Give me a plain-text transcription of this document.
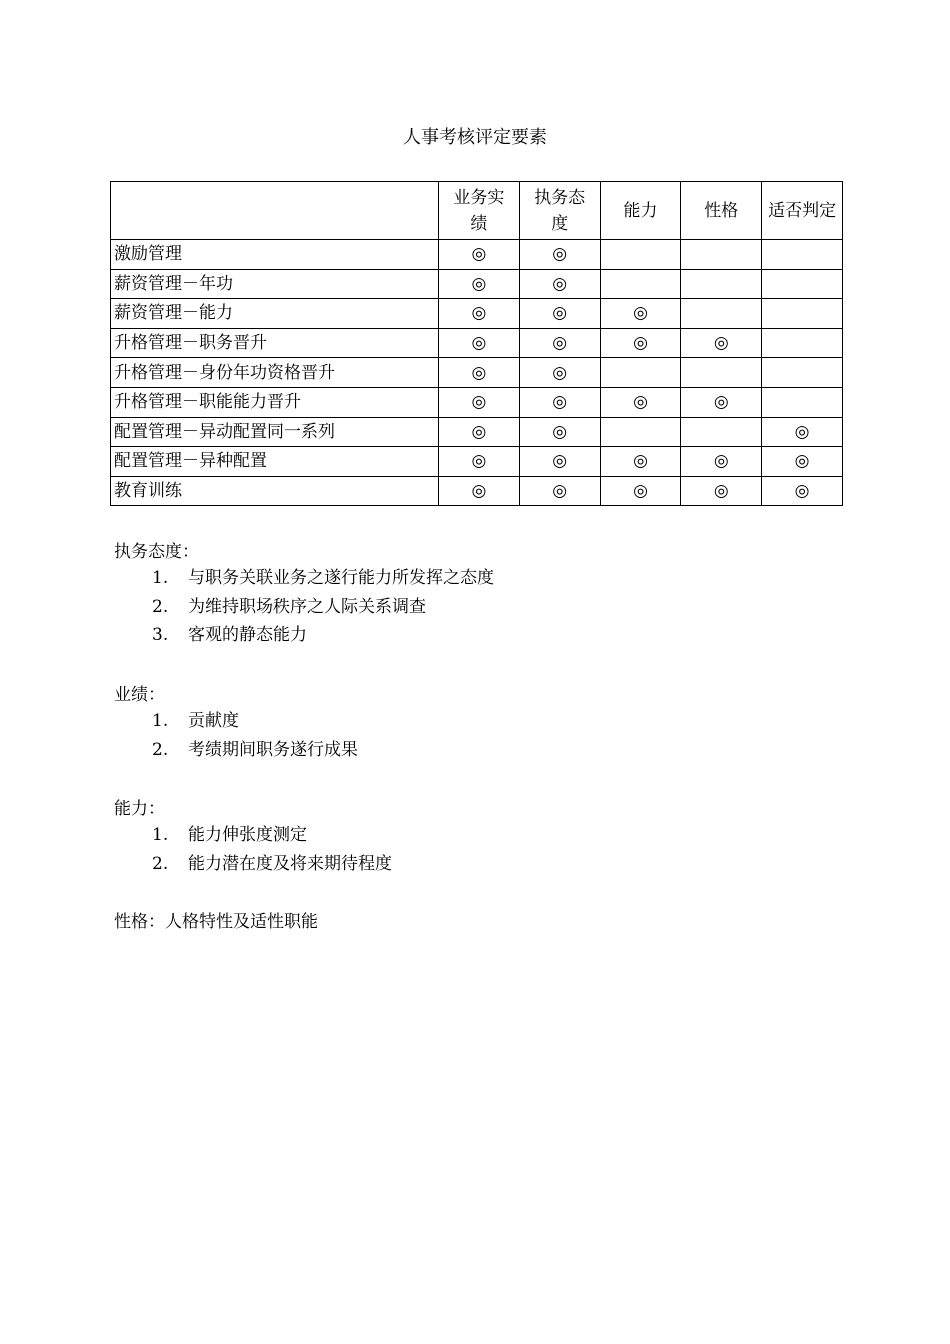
人事考核评定要素
	业务实绩	执务态度	能力	性格	适否判定
激励管理	◎	◎			
薪资管理－年功	◎	◎			
薪资管理－能力	◎	◎	◎		
升格管理－职务晋升	◎	◎	◎	◎	
升格管理－身份年功资格晋升	◎	◎			
升格管理－职能能力晋升	◎	◎	◎	◎	
配置管理－异动配置同一系列	◎	◎			◎
配置管理－异种配置	◎	◎	◎	◎	◎
教育训练	◎	◎	◎	◎	◎
执务态度：
1. 与职务关联业务之遂行能力所发挥之态度
2. 为维持职场秩序之人际关系调查
3. 客观的静态能力
业绩：
1. 贡献度
2. 考绩期间职务遂行成果
能力：
1. 能力伸张度测定
2. 能力潜在度及将来期待程度
性格：人格特性及适性职能
